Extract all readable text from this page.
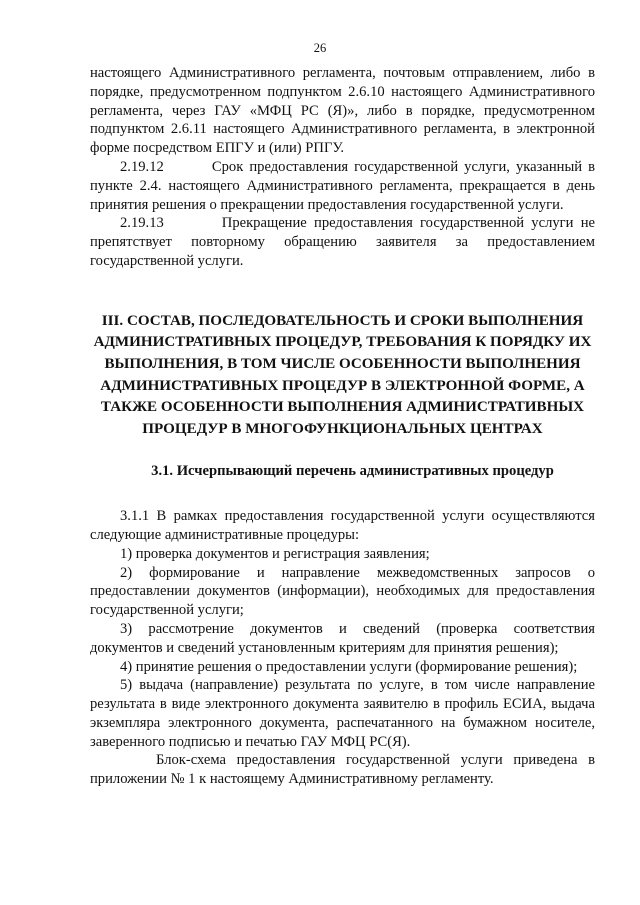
26

настоящего Административного регламента, почтовым отправлением, либо в порядке, предусмотренном подпунктом 2.6.10 настоящего Административного регламента, через ГАУ «МФЦ РС (Я)», либо в порядке, предусмотренном подпунктом 2.6.11 настоящего Административного регламента, в электронной форме посредством ЕПГУ и (или) РПГУ.

2.19.12	Срок предоставления государственной услуги, указанный в пункте 2.4. настоящего Административного регламента, прекращается в день принятия решения о прекращении предоставления государственной услуги.

2.19.13	Прекращение предоставления государственной услуги не препятствует повторному обращению заявителя за предоставлением государственной услуги.

III. СОСТАВ, ПОСЛЕДОВАТЕЛЬНОСТЬ И СРОКИ ВЫПОЛНЕНИЯ АДМИНИСТРАТИВНЫХ ПРОЦЕДУР, ТРЕБОВАНИЯ К ПОРЯДКУ ИХ ВЫПОЛНЕНИЯ, В ТОМ ЧИСЛЕ ОСОБЕННОСТИ ВЫПОЛНЕНИЯ АДМИНИСТРАТИВНЫХ ПРОЦЕДУР В ЭЛЕКТРОННОЙ ФОРМЕ, А ТАКЖЕ ОСОБЕННОСТИ ВЫПОЛНЕНИЯ АДМИНИСТРАТИВНЫХ ПРОЦЕДУР В МНОГОФУНКЦИОНАЛЬНЫХ ЦЕНТРАХ
3.1. Исчерпывающий перечень административных процедур

3.1.1 В рамках предоставления государственной услуги осуществляются следующие административные процедуры:

1) проверка документов и регистрация заявления;

2) формирование и направление межведомственных запросов о предоставлении документов (информации), необходимых для предоставления государственной услуги;

3) рассмотрение документов и сведений (проверка соответствия документов и сведений установленным критериям для принятия решения);

4) принятие решения о предоставлении услуги (формирование решения);

5) выдача (направление) результата по услуге, в том числе направление результата в виде электронного документа заявителю в профиль ЕСИА, выдача экземпляра электронного документа, распечатанного на бумажном носителе, заверенного подписью и печатью ГАУ МФЦ РС(Я).

Блок-схема предоставления государственной услуги приведена в приложении № 1 к настоящему Административному регламенту.
